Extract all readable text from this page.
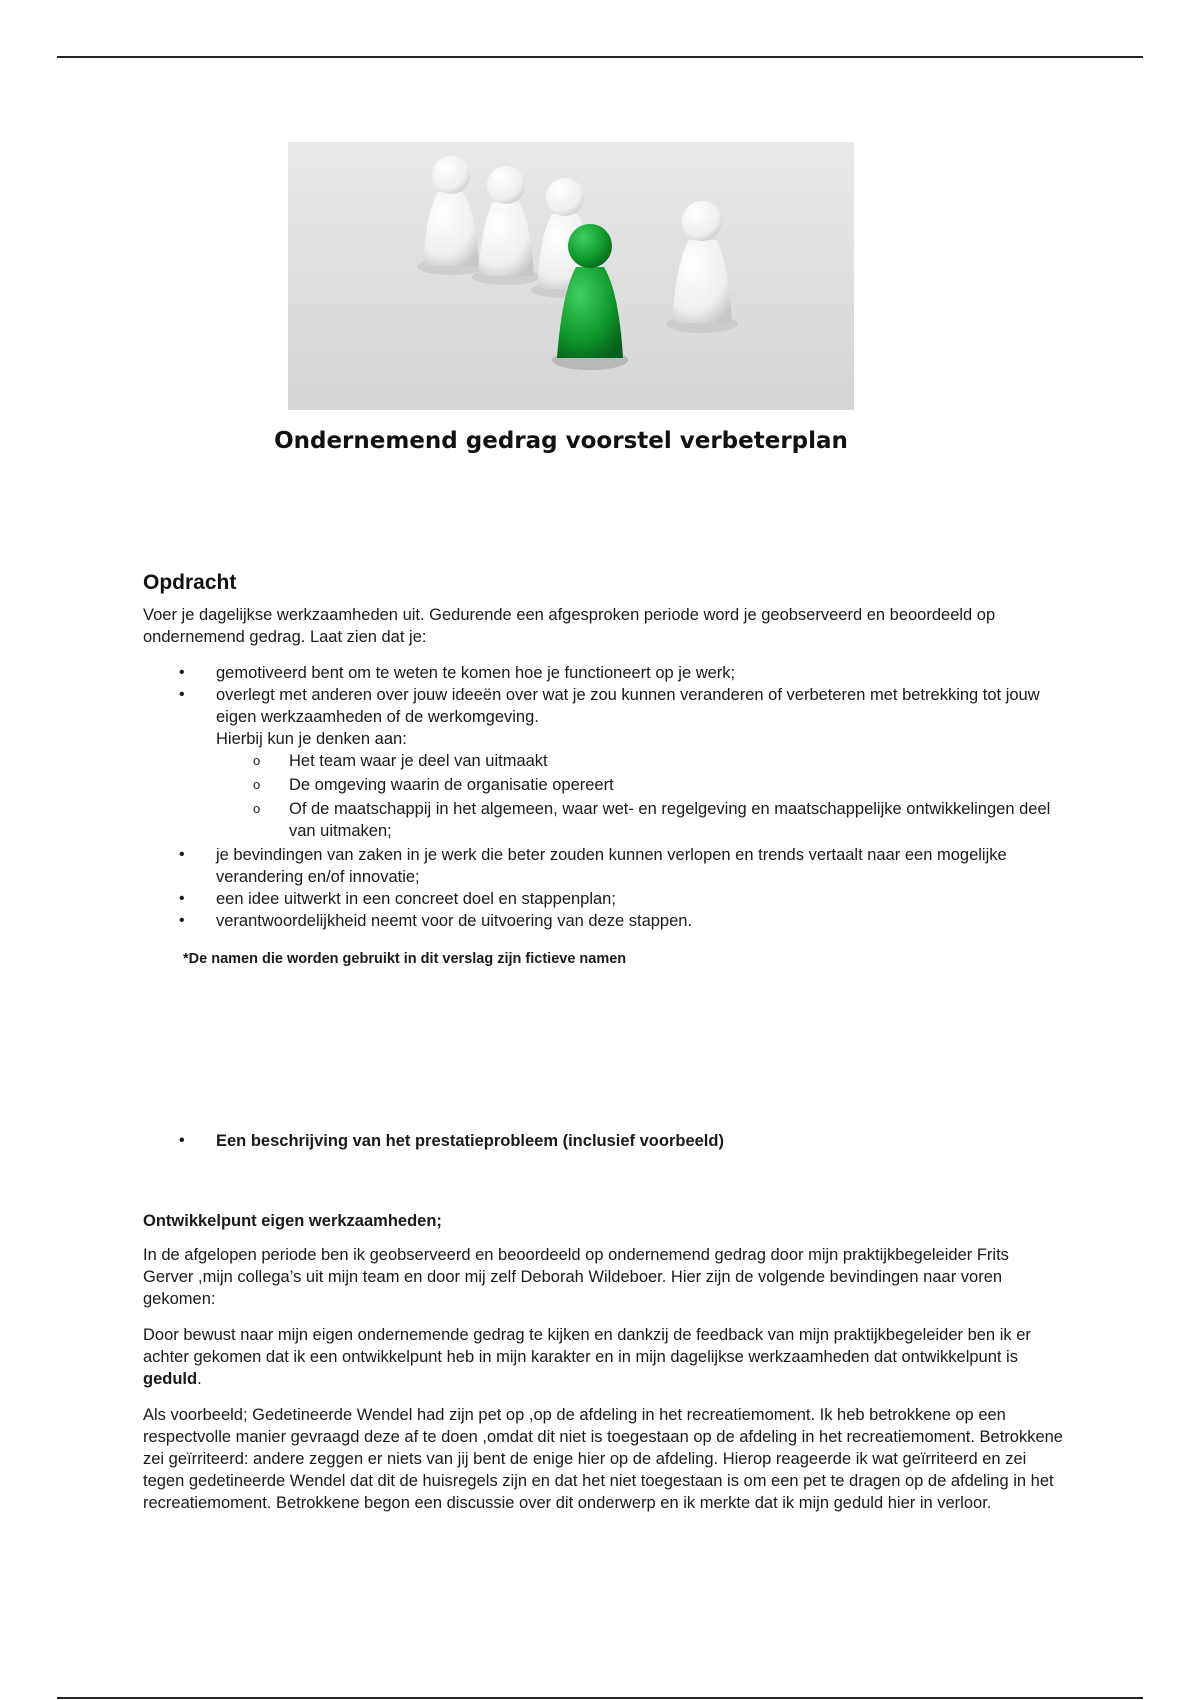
Ondernemend gedrag voorstel verbeterplan
Opdracht

Voer je dagelijkse werkzaamheden uit. Gedurende een afgesproken periode word je geobserveerd en beoordeeld op ondernemend gedrag. Laat zien dat je:

• gemotiveerd bent om te weten te komen hoe je functioneert op je werk;
• overlegt met anderen over jouw ideeën over wat je zou kunnen veranderen of verbeteren met betrekking tot jouw eigen werkzaamheden of de werkomgeving.
Hierbij kun je denken aan:
o Het team waar je deel van uitmaakt
o De omgeving waarin de organisatie opereert
o Of de maatschappij in het algemeen, waar wet- en regelgeving en maatschappelijke ontwikkelingen deel van uitmaken;
• je bevindingen van zaken in je werk die beter zouden kunnen verlopen en trends vertaalt naar een mogelijke verandering en/of innovatie;
• een idee uitwerkt in een concreet doel en stappenplan;
• verantwoordelijkheid neemt voor de uitvoering van deze stappen.
*De namen die worden gebruikt in dit verslag zijn fictieve namen
• Een beschrijving van het prestatieprobleem (inclusief voorbeeld)
Ontwikkelpunt eigen werkzaamheden;

In de afgelopen periode ben ik geobserveerd en beoordeeld op ondernemend gedrag door mijn praktijkbegeleider Frits Gerver ,mijn collega’s uit mijn team en door mij zelf Deborah Wildeboer. Hier zijn de volgende bevindingen naar voren gekomen:

Door bewust naar mijn eigen ondernemende gedrag te kijken en dankzij de feedback van mijn praktijkbegeleider ben ik er achter gekomen dat ik een ontwikkelpunt heb in mijn karakter en in mijn dagelijkse werkzaamheden dat ontwikkelpunt is geduld.

Als voorbeeld; Gedetineerde Wendel had zijn pet op ,op de afdeling in het recreatiemoment. Ik heb betrokkene op een respectvolle manier gevraagd deze af te doen ,omdat dit niet is toegestaan op de afdeling in het recreatiemoment. Betrokkene zei geïrriteerd: andere zeggen er niets van jij bent de enige hier op de afdeling. Hierop reageerde ik wat geïrriteerd en zei tegen gedetineerde Wendel dat dit de huisregels zijn en dat het niet toegestaan is om een pet te dragen op de afdeling in het recreatiemoment. Betrokkene begon een discussie over dit onderwerp en ik merkte dat ik mijn geduld hier in verloor.
